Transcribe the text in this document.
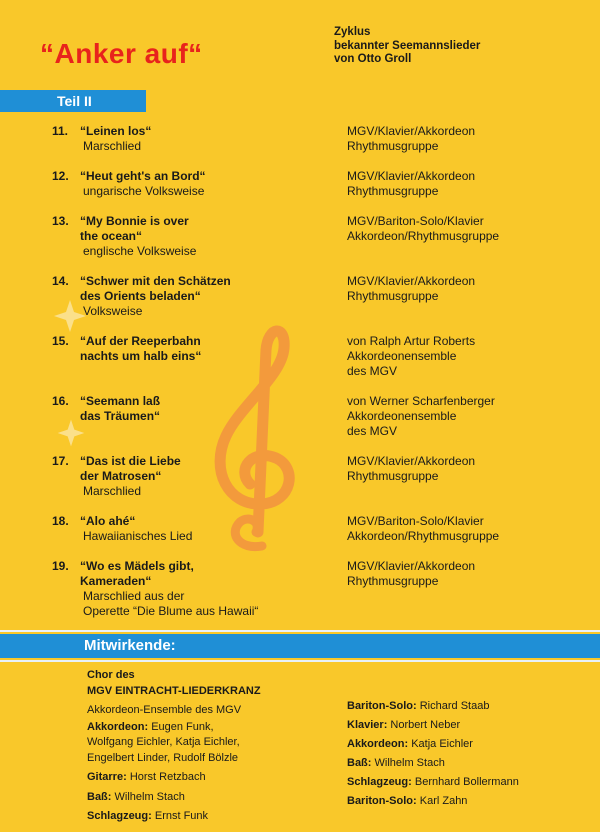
“Anker auf“
Zyklus
bekannter Seemannslieder
von Otto Groll
Teil II
11. “Leinen los“
Marschlied
12. “Heut geht's an Bord“
ungarische Volksweise
13. “My Bonnie is over
the ocean“
englische Volksweise
14. “Schwer mit den Schätzen
des Orients beladen“
Volksweise
15. “Auf der Reeperbahn
nachts um halb eins“
16. “Seemann laß
das Träumen“
17. “Das ist die Liebe
der Matrosen“
Marschlied
18. “Alo ahé“
Hawaiianisches Lied
19. “Wo es Mädels gibt,
Kameraden“
Marschlied aus der
Operette “Die Blume aus Hawaii“
MGV/Klavier/Akkordeon
Rhythmusgruppe
MGV/Klavier/Akkordeon
Rhythmusgruppe
MGV/Bariton-Solo/Klavier
Akkordeon/Rhythmusgruppe
MGV/Klavier/Akkordeon
Rhythmusgruppe
von Ralph Artur Roberts
Akkordeonensemble
des MGV
von Werner Scharfenberger
Akkordeonensemble
des MGV
MGV/Klavier/Akkordeon
Rhythmusgruppe
MGV/Bariton-Solo/Klavier
Akkordeon/Rhythmusgruppe
MGV/Klavier/Akkordeon
Rhythmusgruppe
Mitwirkende:
Chor des
MGV EINTRACHT-LIEDERKRANZ
Akkordeon-Ensemble des MGV
Akkordeon: Eugen Funk,
Wolfgang Eichler, Katja Eichler,
Engelbert Linder, Rudolf Bölzle
Gitarre: Horst Retzbach
Baß: Wilhelm Stach
Schlagzeug: Ernst Funk
Bariton-Solo: Richard Staab
Klavier: Norbert Neber
Akkordeon: Katja Eichler
Baß: Wilhelm Stach
Schlagzeug: Bernhard Bollermann
Bariton-Solo: Karl Zahn
